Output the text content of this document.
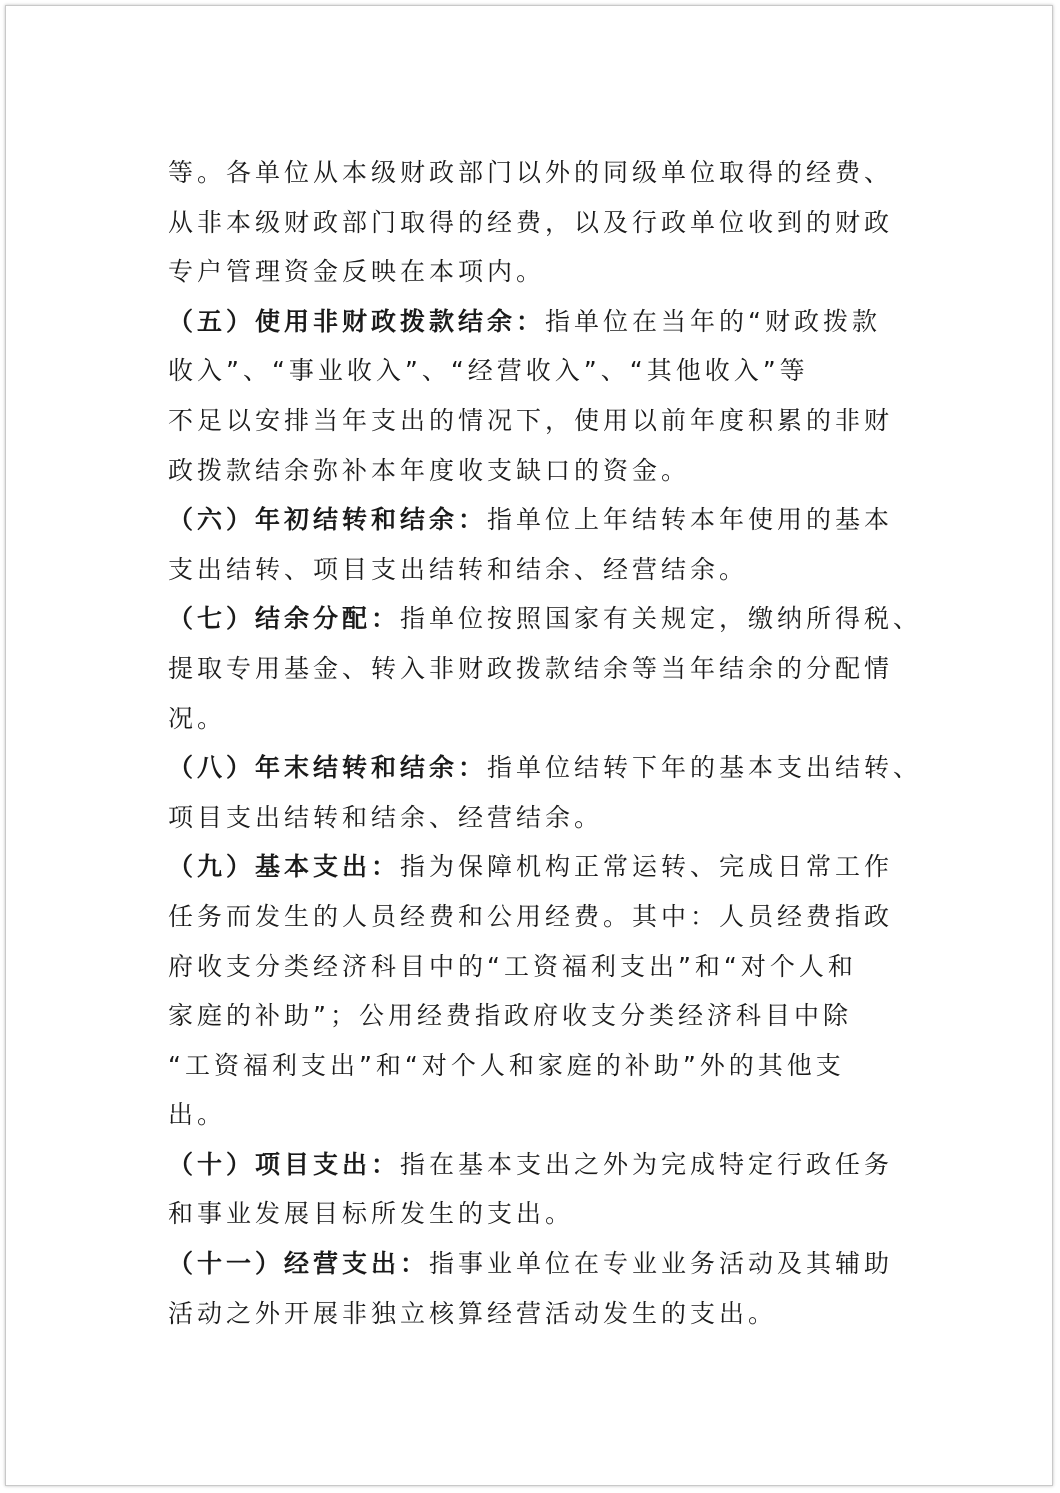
等。各单位从本级财政部门以外的同级单位取得的经费、
从非本级财政部门取得的经费，以及行政单位收到的财政
专户管理资金反映在本项内。
（五）使用非财政拨款结余：指单位在当年的“财政拨款
收入”、“事业收入”、“经营收入”、“其他收入”等
不足以安排当年支出的情况下，使用以前年度积累的非财
政拨款结余弥补本年度收支缺口的资金。
（六）年初结转和结余：指单位上年结转本年使用的基本
支出结转、项目支出结转和结余、经营结余。
（七）结余分配：指单位按照国家有关规定，缴纳所得税、
提取专用基金、转入非财政拨款结余等当年结余的分配情
况。
（八）年末结转和结余：指单位结转下年的基本支出结转、
项目支出结转和结余、经营结余。
（九）基本支出：指为保障机构正常运转、完成日常工作
任务而发生的人员经费和公用经费。其中：人员经费指政
府收支分类经济科目中的“工资福利支出”和“对个人和
家庭的补助”；公用经费指政府收支分类经济科目中除
“工资福利支出”和“对个人和家庭的补助”外的其他支
出。
（十）项目支出：指在基本支出之外为完成特定行政任务
和事业发展目标所发生的支出。
（十一）经营支出：指事业单位在专业业务活动及其辅助
活动之外开展非独立核算经营活动发生的支出。
